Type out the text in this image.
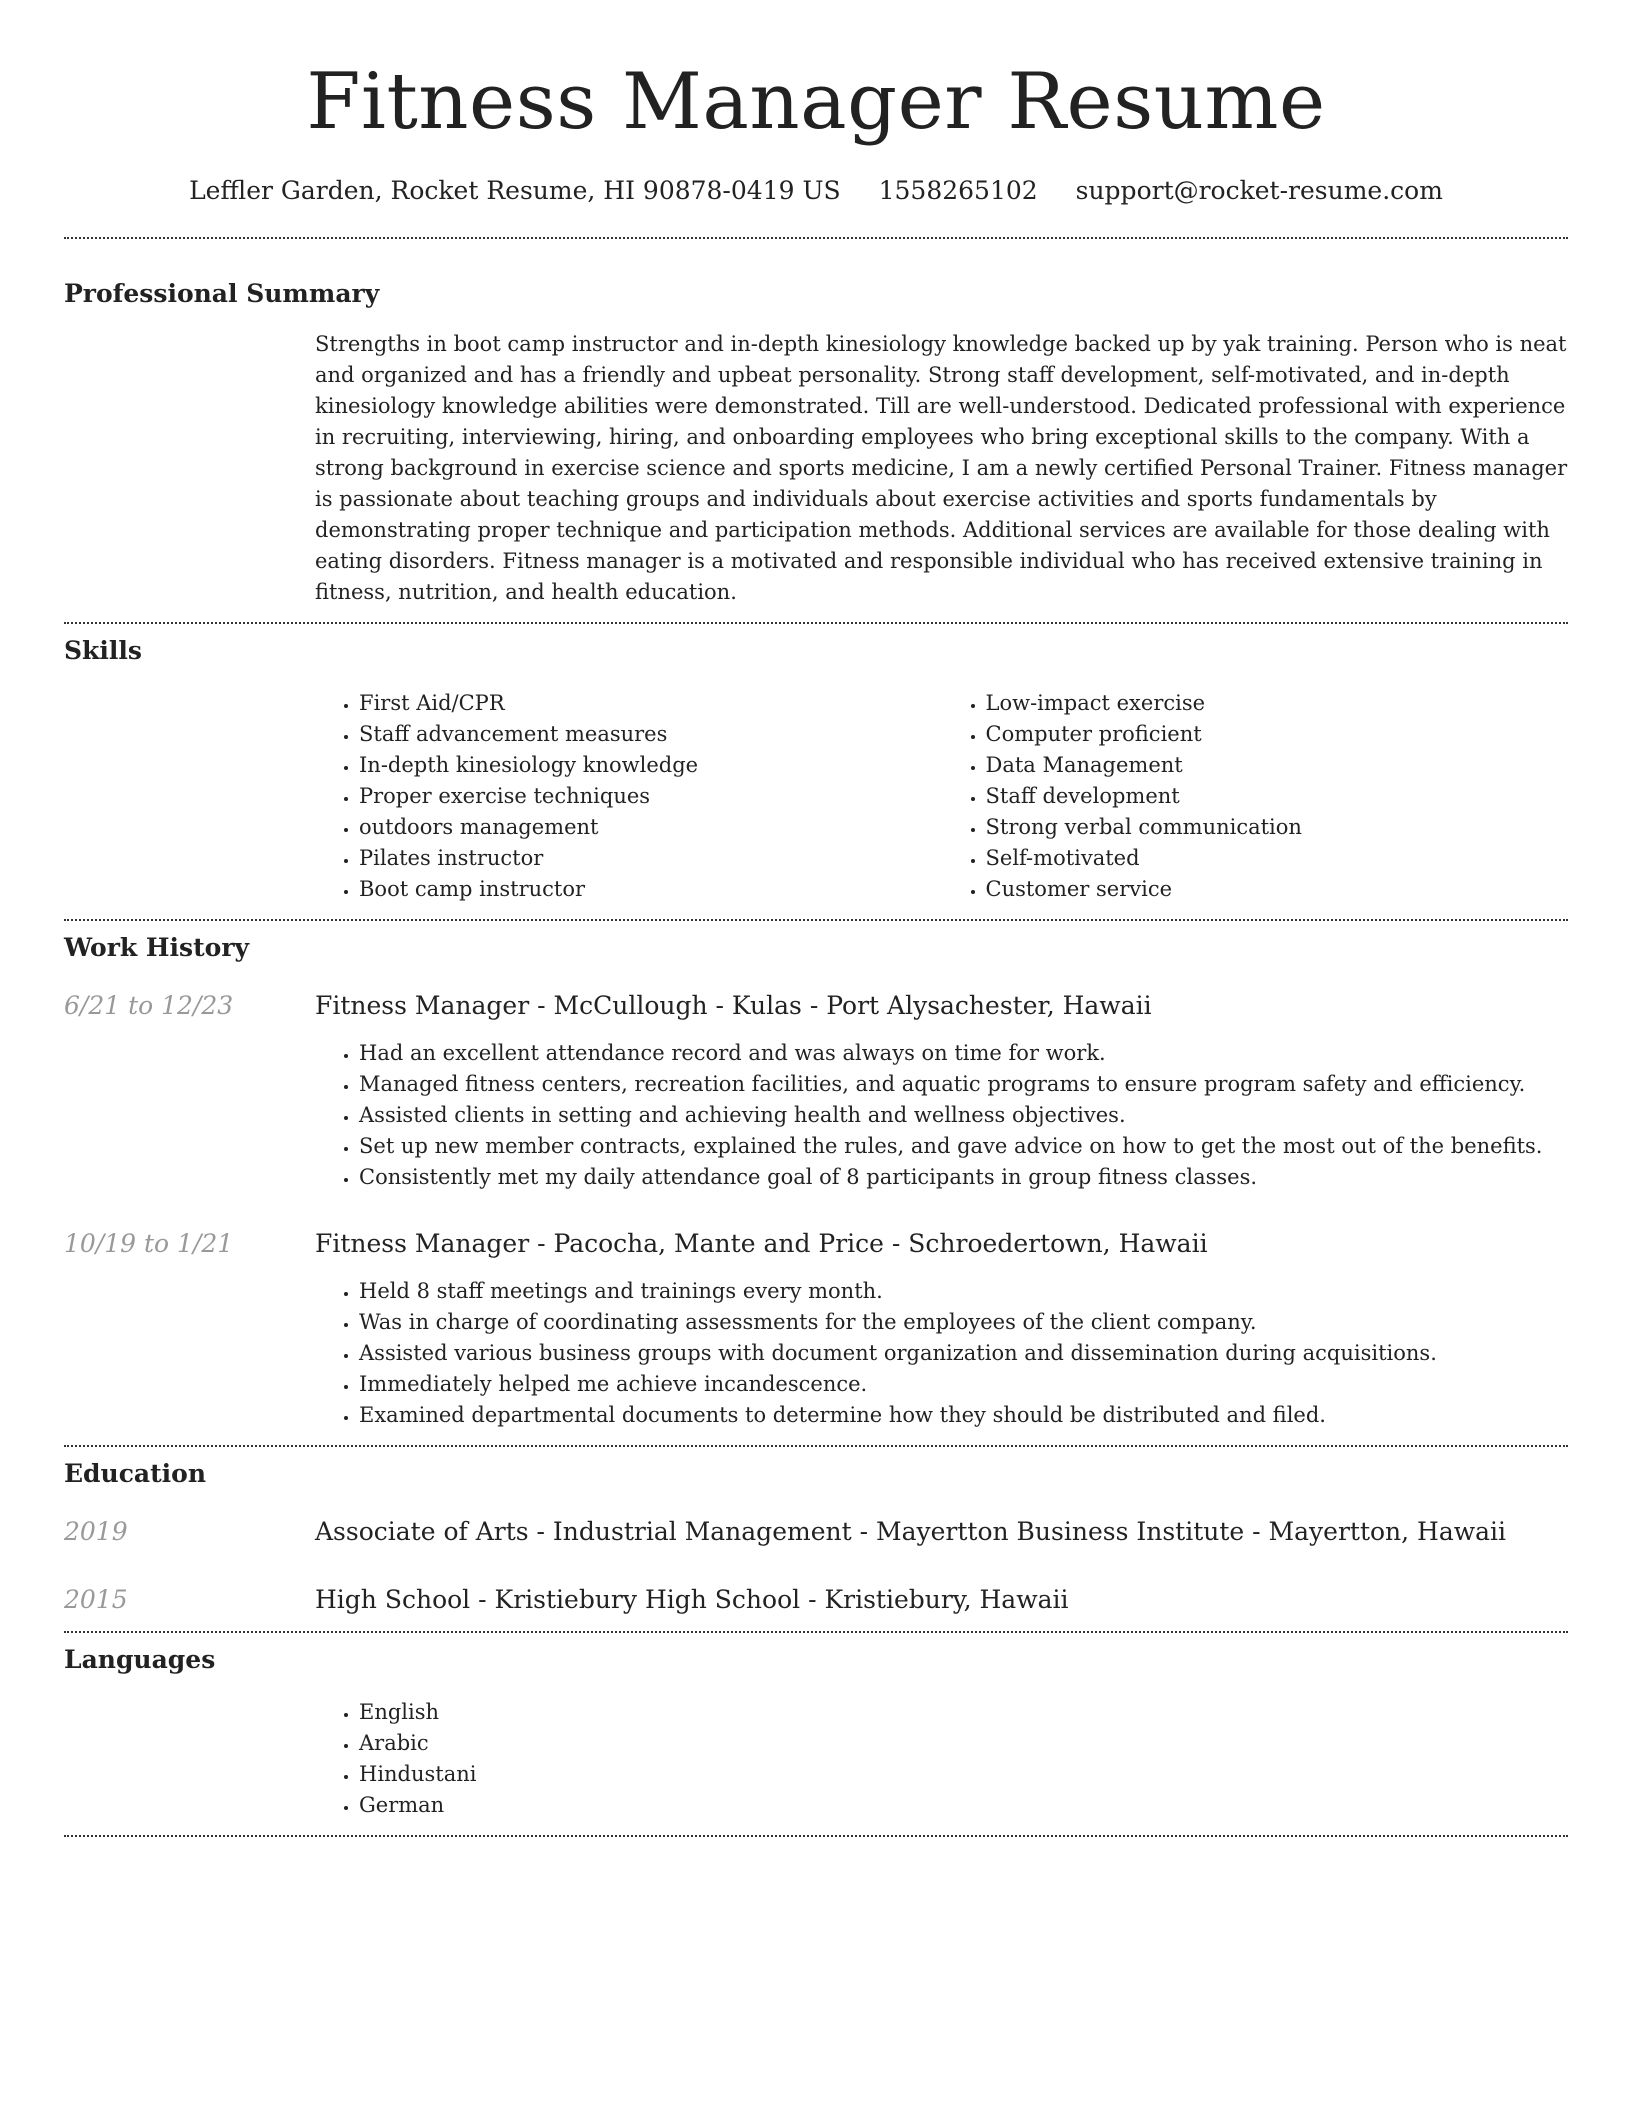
Fitness Manager Resume
Leffler Garden, Rocket Resume, HI 90878-0419 US 1558265102 support@rocket-resume.com
Professional Summary

Strengths in boot camp instructor and in-depth kinesiology knowledge backed up by yak training. Person who is neat and organized and has a friendly and upbeat personality. Strong staff development, self-motivated, and in-depth kinesiology knowledge abilities were demonstrated. Till are well-understood. Dedicated professional with experience in recruiting, interviewing, hiring, and onboarding employees who bring exceptional skills to the company. With a strong background in exercise science and sports medicine, I am a newly certified Personal Trainer. Fitness manager is passionate about teaching groups and individuals about exercise activities and sports fundamentals by demonstrating proper technique and participation methods. Additional services are available for those dealing with eating disorders. Fitness manager is a motivated and responsible individual who has received extensive training in fitness, nutrition, and health education.

Skills
• First Aid/CPR
• Staff advancement measures
• In-depth kinesiology knowledge
• Proper exercise techniques
• outdoors management
• Pilates instructor
• Boot camp instructor
• Low-impact exercise
• Computer proficient
• Data Management
• Staff development
• Strong verbal communication
• Self-motivated
• Customer service
Work History
6/21 to 12/23	Fitness Manager - McCullough - Kulas - Port Alysachester, Hawaii
• Had an excellent attendance record and was always on time for work.
• Managed fitness centers, recreation facilities, and aquatic programs to ensure program safety and efficiency.
• Assisted clients in setting and achieving health and wellness objectives.
• Set up new member contracts, explained the rules, and gave advice on how to get the most out of the benefits.
• Consistently met my daily attendance goal of 8 participants in group fitness classes.
10/19 to 1/21	Fitness Manager - Pacocha, Mante and Price - Schroedertown, Hawaii
• Held 8 staff meetings and trainings every month.
• Was in charge of coordinating assessments for the employees of the client company.
• Assisted various business groups with document organization and dissemination during acquisitions.
• Immediately helped me achieve incandescence.
• Examined departmental documents to determine how they should be distributed and filed.
Education
2019	Associate of Arts - Industrial Management - Mayertton Business Institute - Mayertton, Hawaii
2015	High School - Kristiebury High School - Kristiebury, Hawaii
Languages
• English
• Arabic
• Hindustani
• German
